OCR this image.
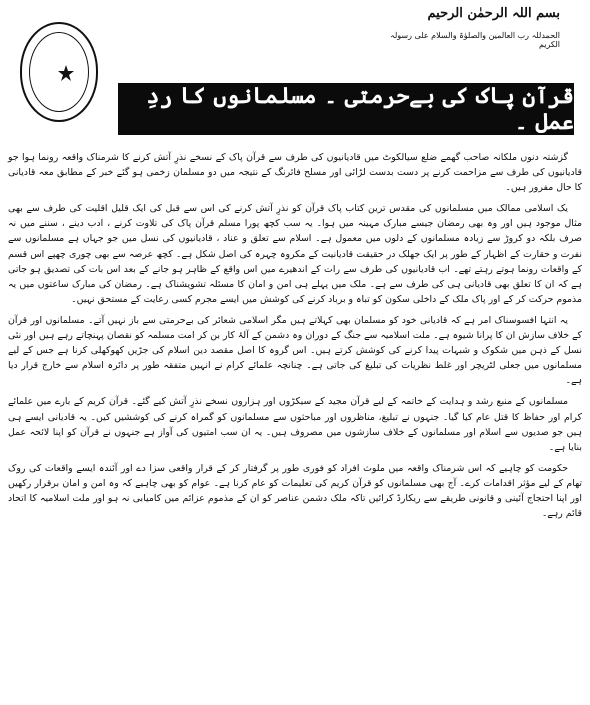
بسم اللہ الرحمٰن الرحیم
الحمدللہ رب العالمین والصلوٰۃ والسلام علی رسولہ الکریم
قرآن پاک کی بےحرمتی ۔ مسلمانوں کا ردِ عمل ۔

گزشتہ دنوں ملکانہ صاحب گھمے ضلع سیالکوٹ میں قادیانیوں کی طرف سے قرآن پاک کے نسخے نذرِ آتش کرنے کا شرمناک واقعہ رونما ہوا جو قادیانیوں کی طرف سے مزاحمت کرنے پر دست بدست لڑائی اور مسلح فائرنگ کے نتیجہ میں دو مسلمان زخمی ہو گئے خبر کے مطابق معہ قادیانی کا حال مفرور ہیں۔

یک اسلامی ممالک میں مسلمانوں کی مقدس ترین کتاب پاک قرآن کو نذرِ آتش کرنے کی اس سے قبل کی ایک قلیل اقلیت کی طرف سے بھی مثال موجود ہیں اور وہ بھی رمضان جیسے مبارک مہینہ میں ہوا۔ یہ سب کچھ پورا مسلم قرآن پاک کی تلاوت کرنے ، ادب دینے ، سننے میں نہ صرف بلکہ دو کروڑ سے زیادہ مسلمانوں کے دلوں میں معمول ہے۔ اسلام سے تعلق و عناد ، قادیانیوں کی نسل میں جو جہاں ہے مسلمانوں سے نفرت و حقارت کے اظہار کے طور پر ایک جھلک در حقیقت قادیانیت کے مکروہ چہرہ کی اصل شکل ہے۔ کچھ عرصہ سے بھی چوری چھپے اس قسم کے واقعات رونما ہوتے رہتے تھے۔ اب قادیانیوں کی طرف سے رات کے اندھیرے میں اس واقع کے ظاہر ہو جانے کے بعد اس بات کی تصدیق ہو جاتی ہے کہ ان کا تعلق بھی قادیانی ہی کی طرف سے ہے۔ ملک میں پہلے ہی امن و امان کا مسئلہ تشویشناک ہے۔ رمضان کی مبارک ساعتوں میں یہ مذموم حرکت کر کے اور پاک ملک کے داخلی سکون کو تباہ و برباد کرنے کی کوشش میں ایسے مجرم کسی رعایت کے مستحق نہیں۔

یہ انتہا افسوسناک امر ہے کہ قادیانی خود کو مسلمان بھی کہلاتے ہیں مگر اسلامی شعائر کی بےحرمتی سے باز نہیں آتے۔ مسلمانوں اور قرآن کے خلاف سازش ان کا پرانا شیوہ ہے۔ ملت اسلامیہ سے جنگ کے دوران وہ دشمن کے آلۂ کار بن کر امت مسلمہ کو نقصان پہنچاتے رہے ہیں اور نئی نسل کے ذہن میں شکوک و شبہات پیدا کرنے کی کوشش کرتے ہیں۔ اس گروہ کا اصل مقصد دین اسلام کی جڑیں کھوکھلی کرنا ہے جس کے لیے مسلمانوں میں جعلی لٹریچر اور غلط نظریات کی تبلیغ کی جاتی ہے۔ چنانچہ علمائے کرام نے انہیں متفقہ طور پر دائرہ اسلام سے خارج قرار دیا ہے۔

مسلمانوں کے منبع رشد و ہدایت کے خاتمہ کے لیے قرآن مجید کے سیکڑوں اور ہزاروں نسخے نذرِ آتش کیے گئے۔ قرآن کریم کے بارے میں علمائے کرام اور حفاظ کا قتل عام کیا گیا۔ جنہوں نے تبلیغ، مناظروں اور مباحثوں سے مسلمانوں کو گمراہ کرنے کی کوششیں کیں۔ یہ قادیانی ایسے ہی ہیں جو صدیوں سے اسلام اور مسلمانوں کے خلاف سازشوں میں مصروف ہیں۔ یہ ان سب امتیوں کی آواز ہے جنہوں نے قرآن کو اپنا لائحہ عمل بنایا ہے۔

حکومت کو چاہیے کہ اس شرمناک واقعہ میں ملوث افراد کو فوری طور پر گرفتار کر کے قرار واقعی سزا دے اور آئندہ ایسے واقعات کی روک تھام کے لیے مؤثر اقدامات کرے۔ آج بھی مسلمانوں کو قرآن کریم کی تعلیمات کو عام کرنا ہے۔ عوام کو بھی چاہیے کہ وہ امن و امان برقرار رکھیں اور اپنا احتجاج آئینی و قانونی طریقے سے ریکارڈ کرائیں تاکہ ملک دشمن عناصر کو ان کے مذموم عزائم میں کامیابی نہ ہو اور ملت اسلامیہ کا اتحاد قائم رہے۔
